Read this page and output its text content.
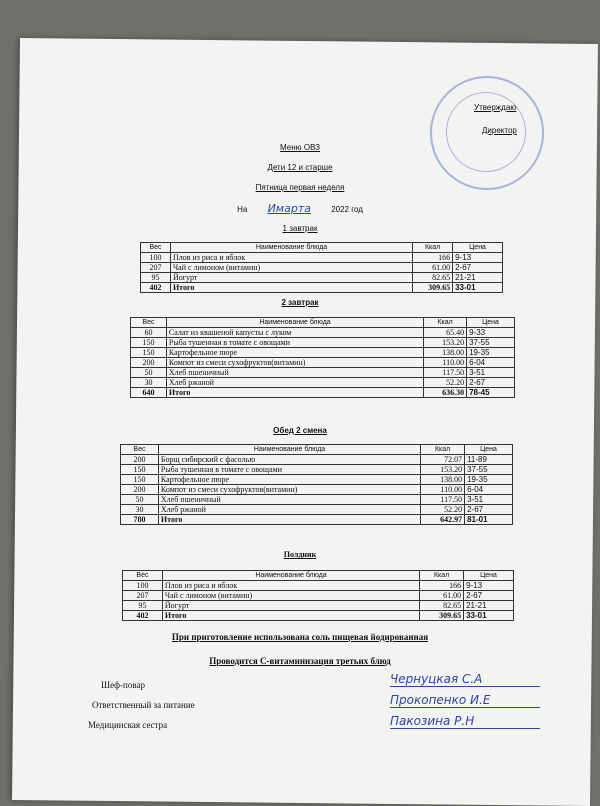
Утверждаю
Директор
Меню ОВЗ
Дети 12 и старше
Пятница первая неделя
На Имарта	2022 год
1 завтрак
Вес	Наименование блюда	Ккал	Цена
100	Плов из риса и яблок	166	9-13
207	Чай с лимоном (витамин)	61.00	2-67
95	Йогурт	82.65	21-21
402	Итого	309.65	33-01
2 завтрак
Вес	Наименование блюда	Ккал	Цена
60	Салат из квашеной капусты с луком	65.40	9-33
150	Рыба тушенная в томате с овощами	153.20	37-55
150	Картофельное пюре	138.00	19-35
200	Компот из смеси сухофруктов(витамин)	110.00	6-04
50	Хлеб пшеничный	117.50	3-51
30	Хлеб ржаной	52.20	2-67
640	Итого	636.30	78-45
Обед 2 смена
Вес	Наименование блюда	Ккал	Цена
200	Борщ сибирский с фасолью	72.07	11-89
150	Рыба тушенная в томате с овощами	153.20	37-55
150	Картофельное пюре	138.00	19-35
200	Компот из смеси сухофруктов(витамин)	110.00	6-04
50	Хлеб пшеничный	117.50	3-51
30	Хлеб ржаной	52.20	2-67
780	Итого	642.97	81-01
Полдник
Вес	Наименование блюда	Ккал	Цена
100	Плов из риса и яблок	166	9-13
207	Чай с лимоном (витамин)	61.00	2-67
95	Йогурт	82.65	21-21
402	Итого	309.65	33-01
При приготовление использована соль пищевая йодированная
Проводится С-витаминизация третьих блюд
Шеф-повар	Чернуцкая С.А
Ответственный за питание	Прокопенко И.Е
Медицинская сестра	Пакозина Р.Н
